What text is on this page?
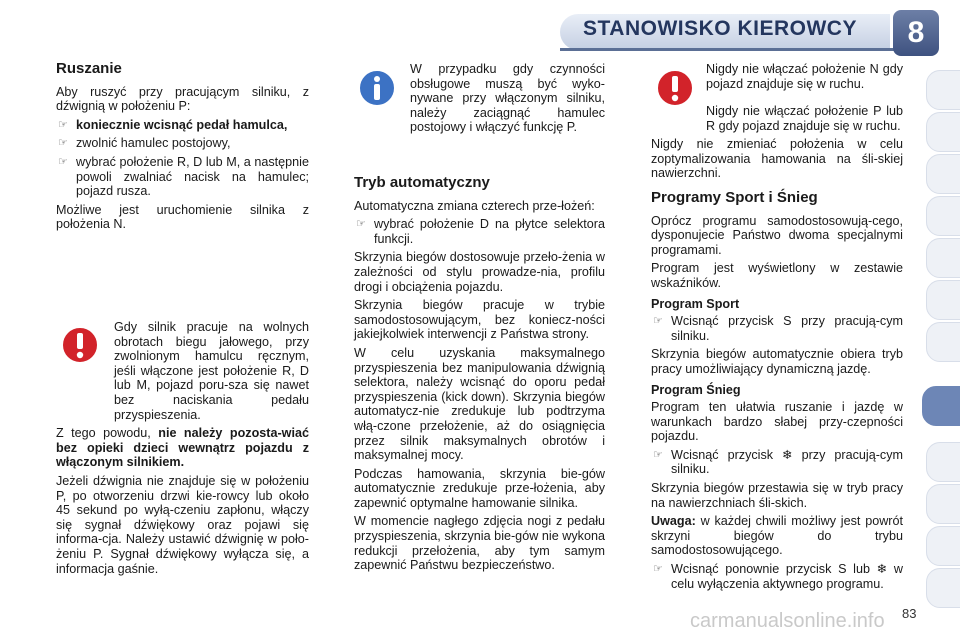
STANOWISKO KIEROWCY	8
Ruszanie

Aby ruszyć przy pracującym silniku, z dźwignią w położeniu P:

☞ koniecznie wcisnąć pedał hamulca,
☞ zwolnić hamulec postojowy,
☞ wybrać położenie R, D lub M, a następnie powoli zwalniać nacisk na hamulec; pojazd rusza.

Możliwe jest uruchomienie silnika z położenia N.

Gdy silnik pracuje na wolnych obrotach biegu jałowego, przy zwolnionym hamulcu ręcznym, jeśli włączone jest położenie R, D lub M, pojazd poru-sza się nawet bez naciskania pedału przyspieszenia.

Z tego powodu, nie należy pozosta-wiać bez opieki dzieci wewnątrz pojazdu z włączonym silnikiem.

Jeżeli dźwignia nie znajduje się w położeniu P, po otworzeniu drzwi kie-rowcy lub około 45 sekund po wyłą-czeniu zapłonu, włączy się sygnał dźwiękowy oraz pojawi się informa-cja. Należy ustawić dźwignię w poło-żeniu P. Sygnał dźwiękowy wyłącza się, a informacja gaśnie.

W przypadku gdy czynności obsługowe muszą być wyko-nywane przy włączonym silniku, należy zaciągnąć hamulec postojowy i włączyć funkcję P.

Tryb automatyczny

Automatyczna zmiana czterech prze-łożeń:

☞ wybrać położenie D na płytce selektora funkcji.

Skrzynia biegów dostosowuje przeło-żenia w zależności od stylu prowadze-nia, profilu drogi i obciążenia pojazdu.

Skrzynia biegów pracuje w trybie samodostosowującym, bez koniecz-ności jakiejkolwiek interwencji z Państwa strony.

W celu uzyskania maksymalnego przyspieszenia bez manipulowania dźwignią selektora, należy wcisnąć do oporu pedał przyspieszenia (kick down). Skrzynia biegów automatycz-nie zredukuje lub podtrzyma włą-czone przełożenie, aż do osiągnięcia przez silnik maksymalnych obrotów i maksymalnej mocy.

Podczas hamowania, skrzynia bie-gów automatycznie zredukuje prze-łożenia, aby zapewnić optymalne hamowanie silnika.

W momencie nagłego zdjęcia nogi z pedału przyspieszenia, skrzynia bie-gów nie wykona redukcji przełożenia, aby tym samym zapewnić Państwu bezpieczeństwo.

Nigdy nie włączać położenie N gdy pojazd znajduje się w ruchu.

Nigdy nie włączać położenie P lub R gdy pojazd znajduje się w ruchu.

Nigdy nie zmieniać położenia w celu zoptymalizowania hamowania na śli-skiej nawierzchni.

Programy Sport i Śnieg

Oprócz programu samodostosowują-cego, dysponujecie Państwo dwoma specjalnymi programami.

Program jest wyświetlony w zestawie wskaźników.

Program Sport
☞ Wcisnąć przycisk S przy pracują-cym silniku.

Skrzynia biegów automatycznie obiera tryb pracy umożliwiający dynamiczną jazdę.

Program Śnieg

Program ten ułatwia ruszanie i jazdę w warunkach bardzo słabej przy-czepności pojazdu.

☞ Wcisnąć przycisk ❄ przy pracują-cym silniku.

Skrzynia biegów przestawia się w tryb pracy na nawierzchniach śli-skich.

Uwaga: w każdej chwili możliwy jest powrót skrzyni biegów do trybu samodostosowującego.

☞ Wcisnąć ponownie przycisk S lub ❄ w celu wyłączenia aktywnego programu.
carmanualsonline.info 83
